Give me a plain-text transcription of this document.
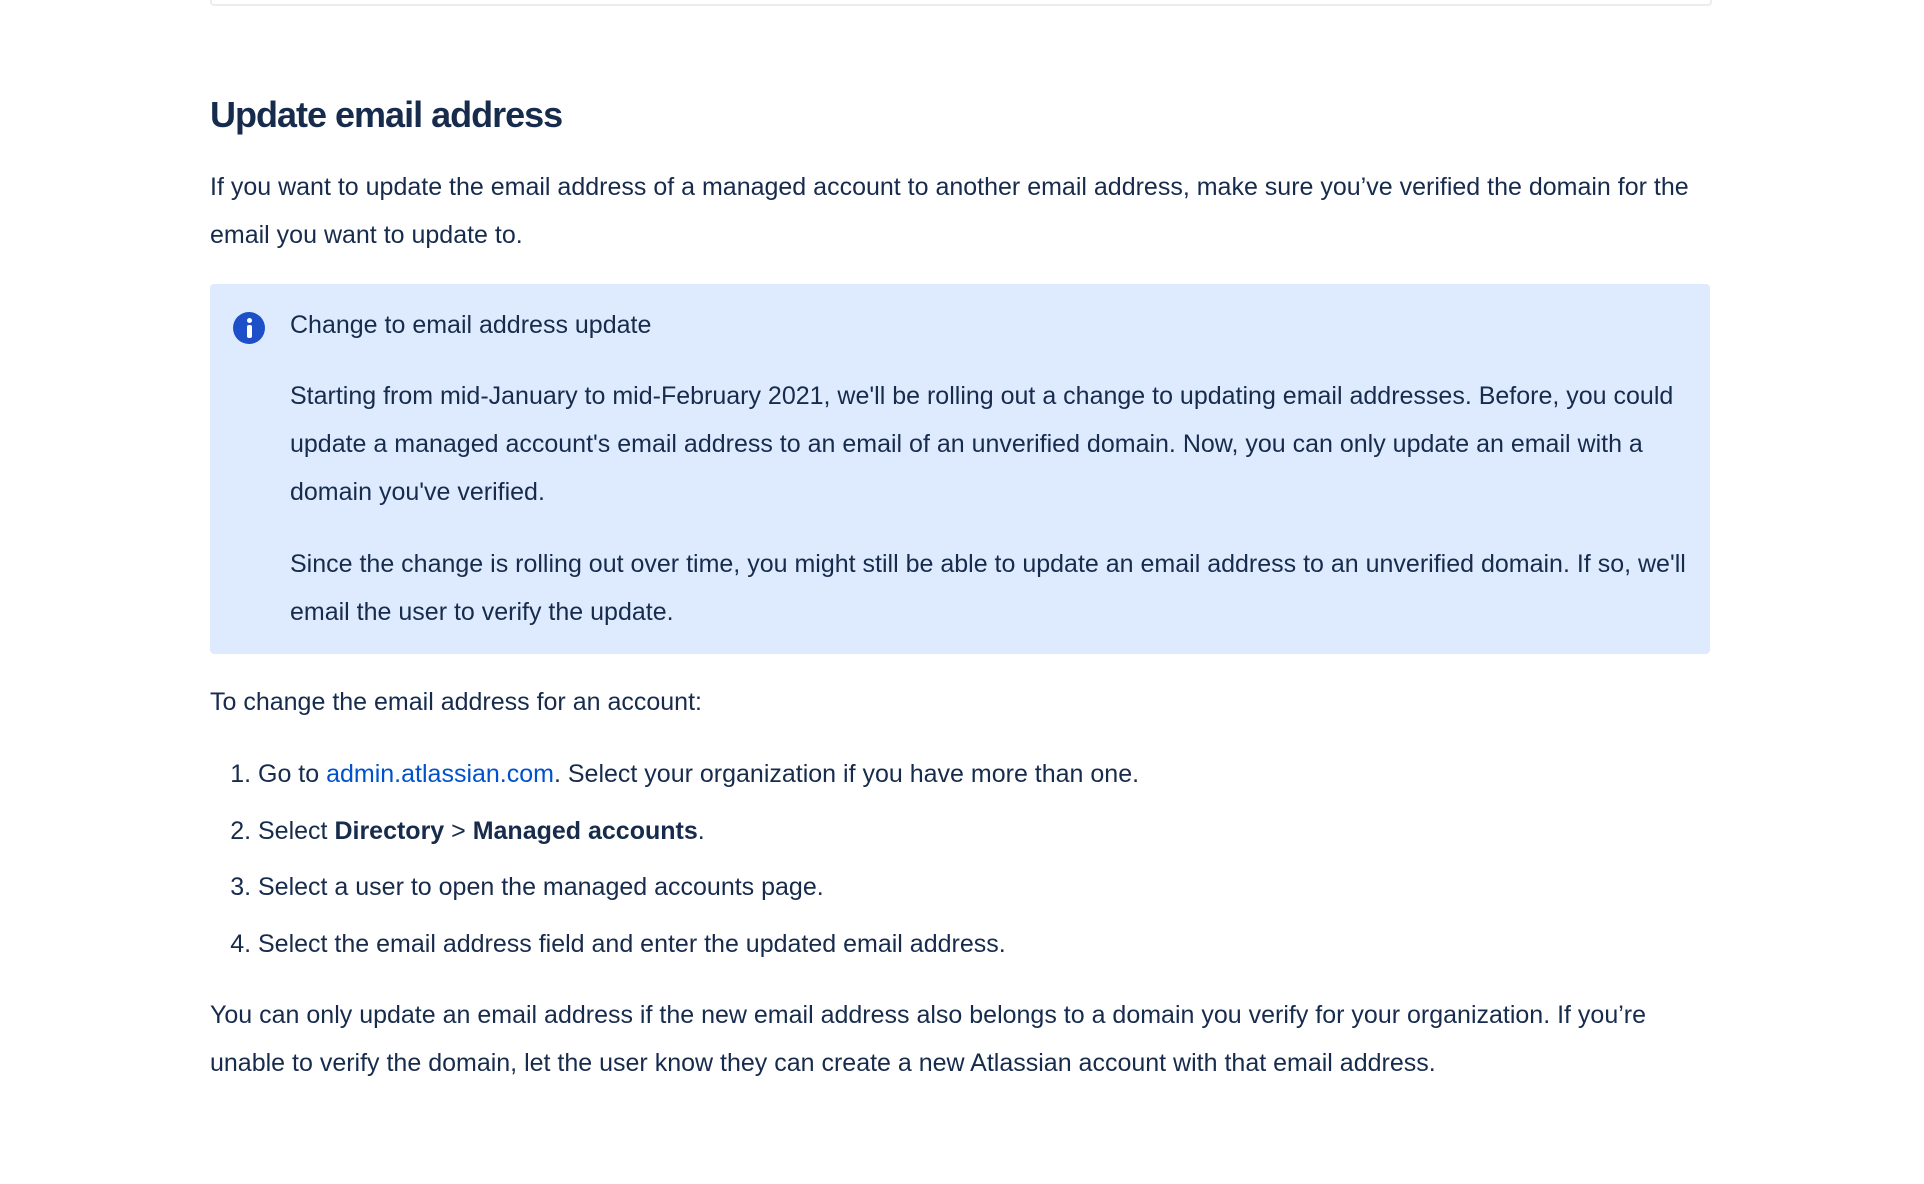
Update email address

If you want to update the email address of a managed account to another email address, make sure you’ve verified the domain for the email you want to update to.

Change to email address update

Starting from mid-January to mid-February 2021, we'll be rolling out a change to updating email addresses. Before, you could update a managed account's email address to an email of an unverified domain. Now, you can only update an email with a domain you've verified.

Since the change is rolling out over time, you might still be able to update an email address to an unverified domain. If so, we'll email the user to verify the update.

To change the email address for an account:

1. Go to admin.atlassian.com. Select your organization if you have more than one.
2. Select Directory > Managed accounts.
3. Select a user to open the managed accounts page.
4. Select the email address field and enter the updated email address.

You can only update an email address if the new email address also belongs to a domain you verify for your organization. If you’re unable to verify the domain, let the user know they can create a new Atlassian account with that email address.
